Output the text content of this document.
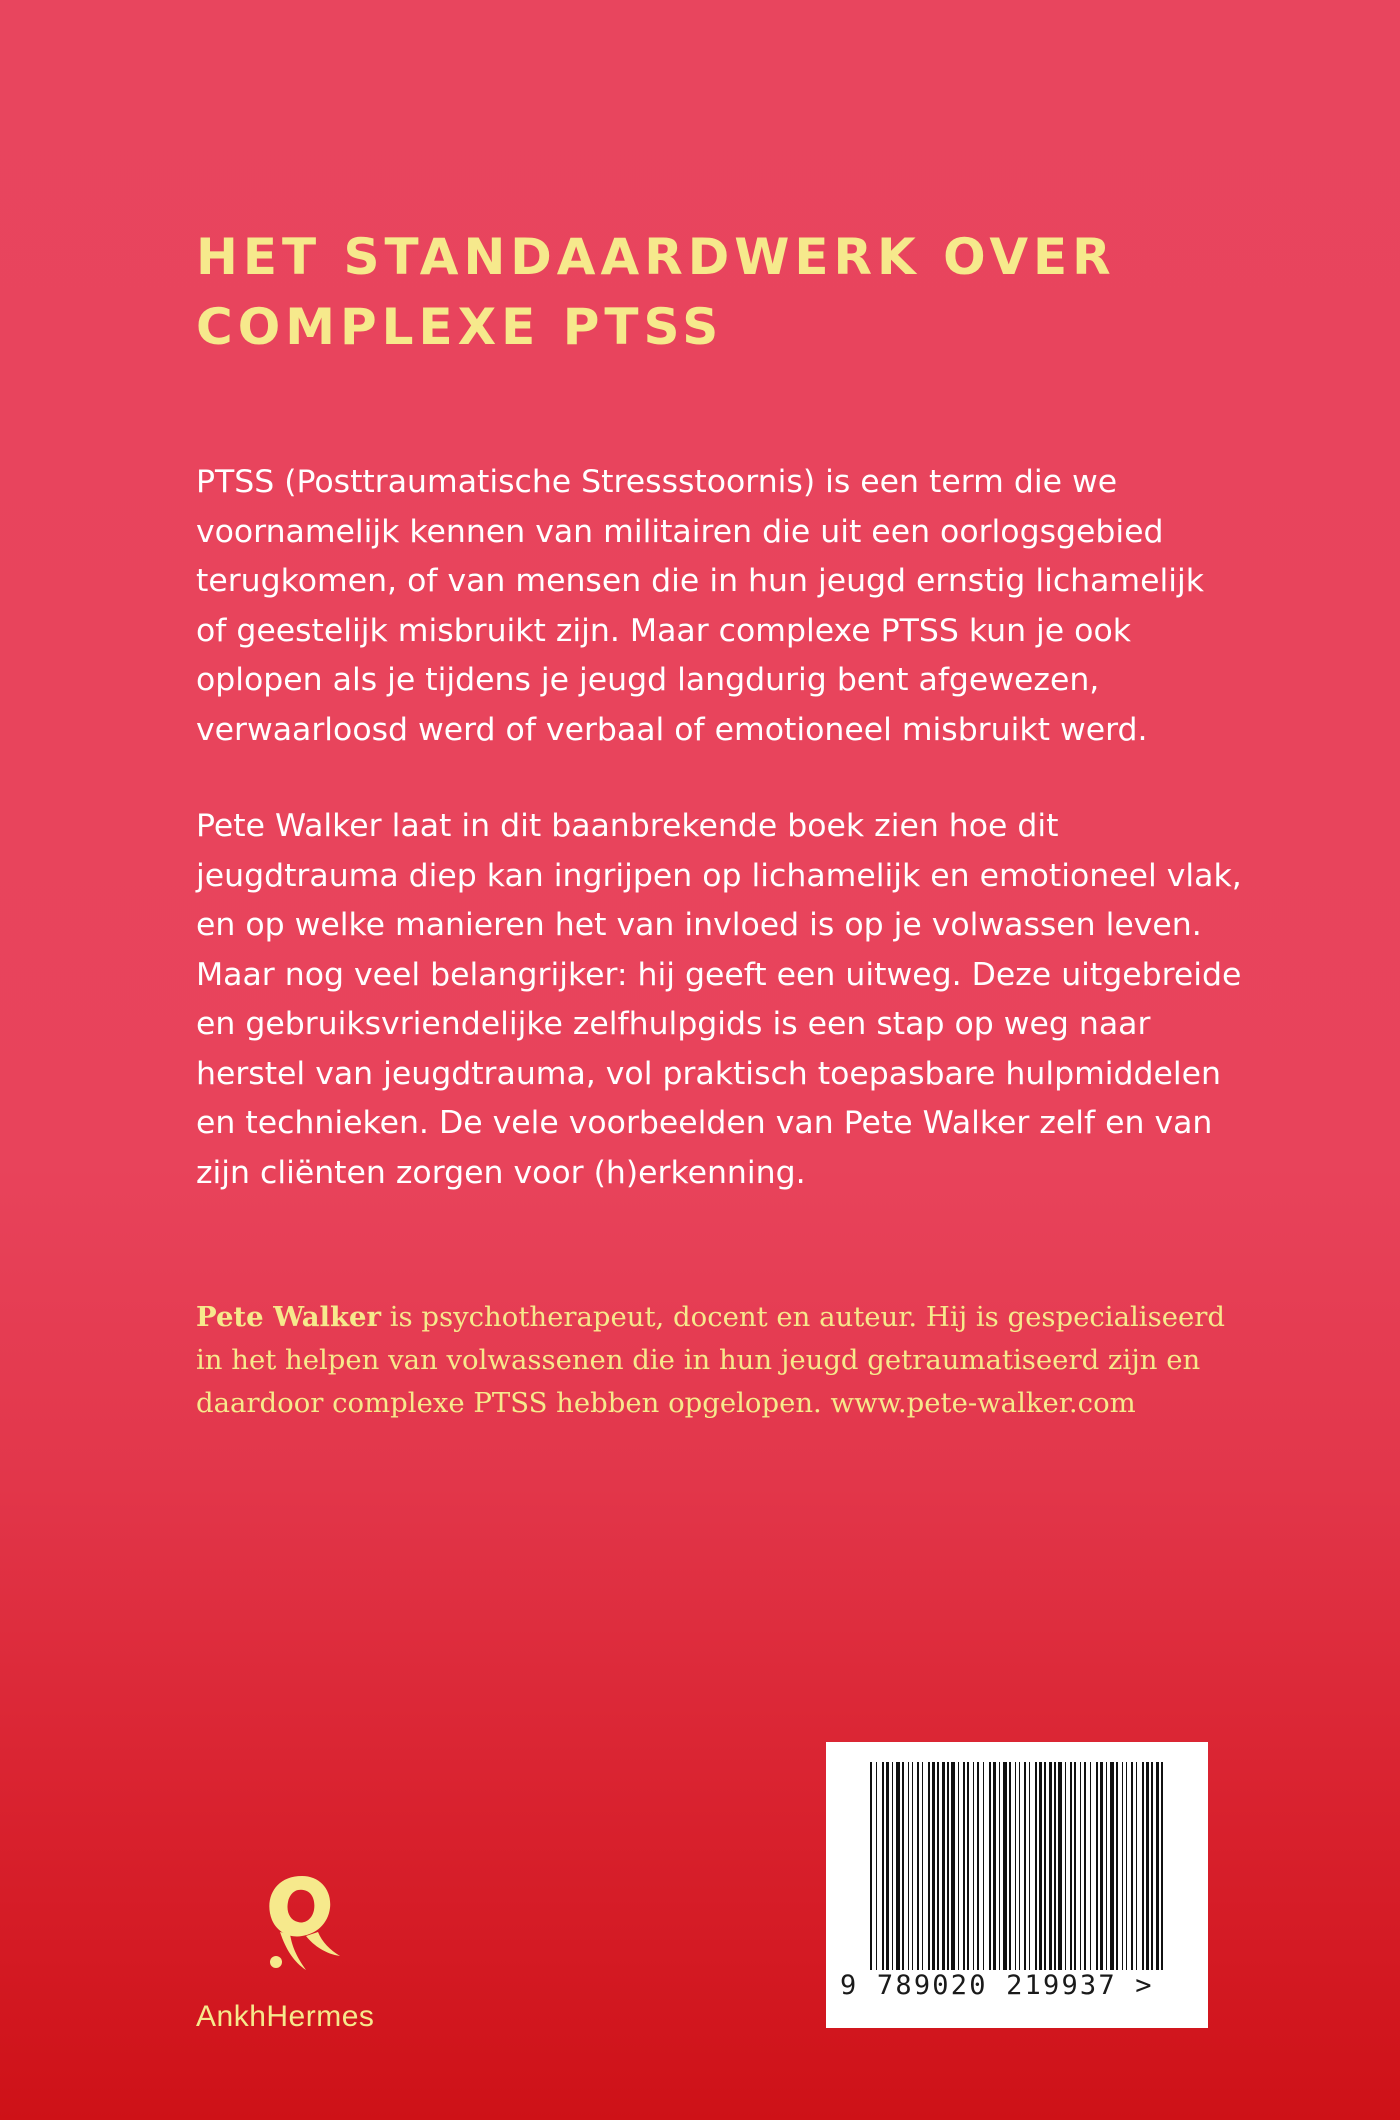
HET STANDAARDWERK OVER
COMPLEXE PTSS

PTSS (Posttraumatische Stressstoornis) is een term die we
voornamelijk kennen van militairen die uit een oorlogsgebied
terugkomen, of van mensen die in hun jeugd ernstig lichamelijk
of geestelijk misbruikt zijn. Maar complexe PTSS kun je ook
oplopen als je tijdens je jeugd langdurig bent afgewezen,
verwaarloosd werd of verbaal of emotioneel misbruikt werd.

Pete Walker laat in dit baanbrekende boek zien hoe dit
jeugdtrauma diep kan ingrijpen op lichamelijk en emotioneel vlak,
en op welke manieren het van invloed is op je volwassen leven.
Maar nog veel belangrijker: hij geeft een uitweg. Deze uitgebreide
en gebruiksvriendelijke zelfhulpgids is een stap op weg naar
herstel van jeugdtrauma, vol praktisch toepasbare hulpmiddelen
en technieken. De vele voorbeelden van Pete Walker zelf en van
zijn cliënten zorgen voor (h)erkenning.

Pete Walker is psychotherapeut, docent en auteur. Hij is gespecialiseerd
in het helpen van volwassenen die in hun jeugd getraumatiseerd zijn en
daardoor complexe PTSS hebben opgelopen. www.pete-walker.com

AnkhHermes
9 789020 219937 >
